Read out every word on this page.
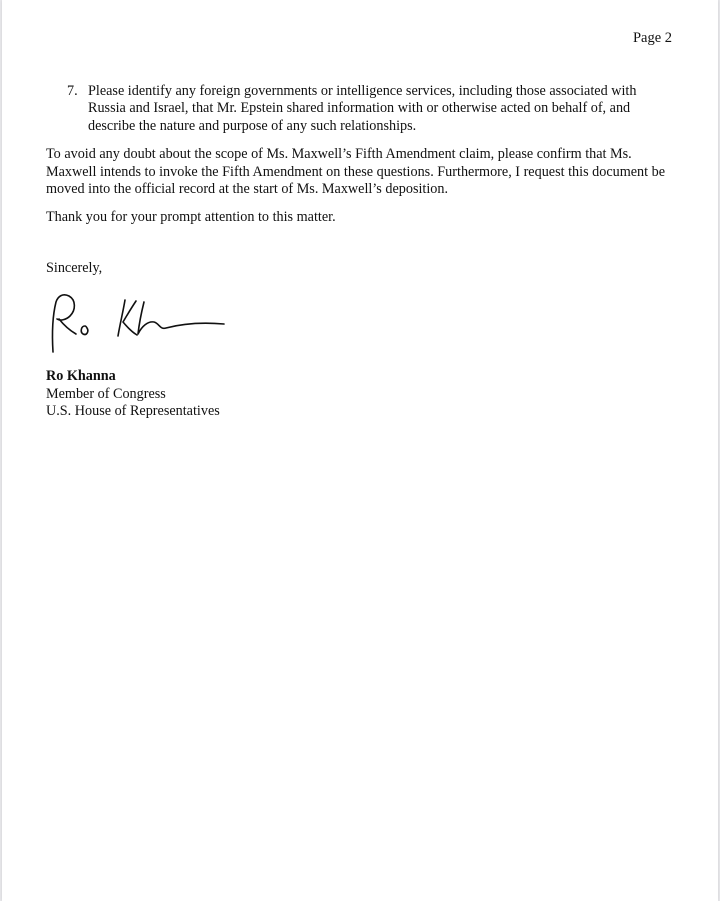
Page 2
7. Please identify any foreign governments or intelligence services, including those associated with Russia and Israel, that Mr. Epstein shared information with or otherwise acted on behalf of, and describe the nature and purpose of any such relationships.

To avoid any doubt about the scope of Ms. Maxwell’s Fifth Amendment claim, please confirm that Ms. Maxwell intends to invoke the Fifth Amendment on these questions. Furthermore, I request this document be moved into the official record at the start of Ms. Maxwell’s deposition.

Thank you for your prompt attention to this matter.

Sincerely,

Ro Khanna
Member of Congress
U.S. House of Representatives
